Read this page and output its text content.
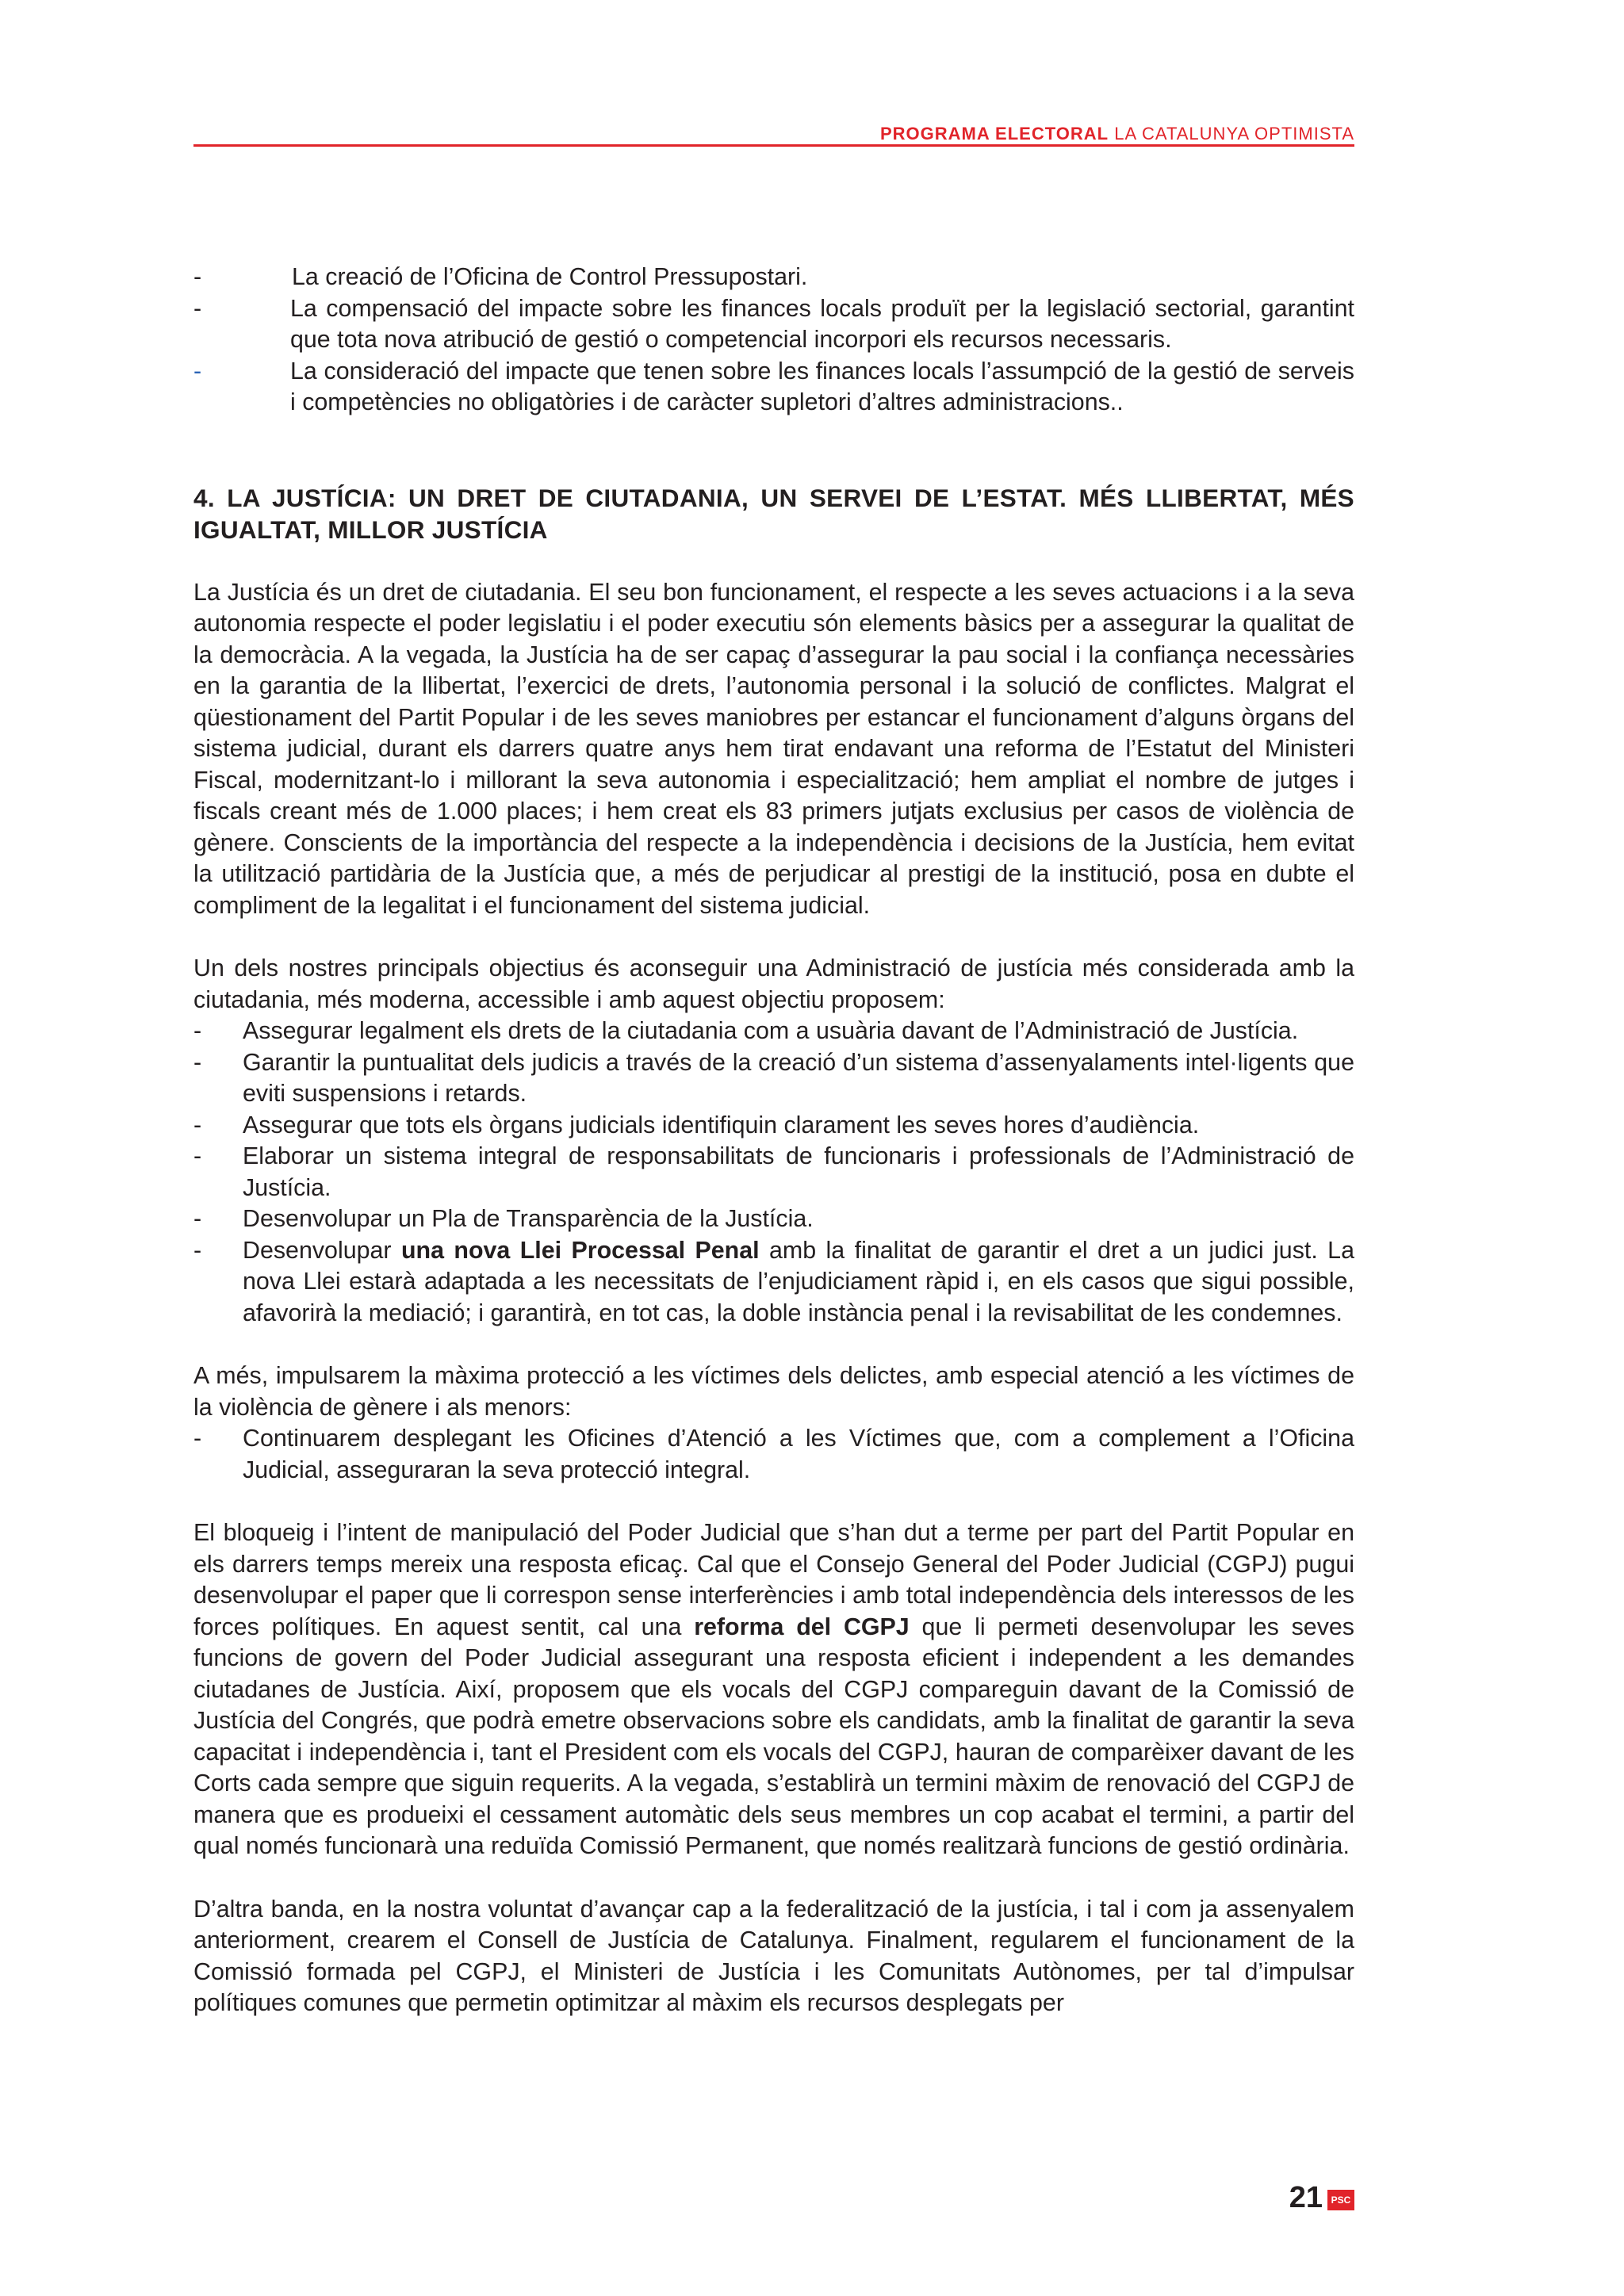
PROGRAMA ELECTORAL LA CATALUNYA OPTIMISTA
-	La creació de l’Oficina de Control Pressupostari.
-	La compensació del impacte sobre les finances locals produït per la legislació sectorial, garantint que tota nova atribució de gestió o competencial incorpori els recursos necessaris.
-	La consideració del impacte que tenen sobre les finances locals l’assumpció de la gestió de serveis i competències no obligatòries i de caràcter supletori d’altres administracions..
4. LA JUSTÍCIA: UN DRET DE CIUTADANIA, UN SERVEI DE L’ESTAT. MÉS LLIBERTAT, MÉS IGUALTAT, MILLOR JUSTÍCIA

La Justícia és un dret de ciutadania. El seu bon funcionament, el respecte a les seves actuacions i a la seva autonomia respecte el poder legislatiu i el poder executiu són elements bàsics per a assegurar la qualitat de la democràcia. A la vegada, la Justícia ha de ser capaç d’assegurar la pau social i la confiança necessàries en la garantia de la llibertat, l’exercici de drets, l’autonomia personal i la solució de conflictes. Malgrat el qüestionament del Partit Popular i de les seves maniobres per estancar el funcionament d’alguns òrgans del sistema judicial, durant els darrers quatre anys hem tirat endavant una reforma de l’Estatut del Ministeri Fiscal, modernitzant-lo i millorant la seva autonomia i especialització; hem ampliat el nombre de jutges i fiscals creant més de 1.000 places; i hem creat els 83 primers jutjats exclusius per casos de violència de gènere. Conscients de la importància del respecte a la independència i decisions de la Justícia, hem evitat la utilització partidària de la Justícia que, a més de perjudicar al prestigi de la institució, posa en dubte el compliment de la legalitat i el funcionament del sistema judicial.

Un dels nostres principals objectius és aconseguir una Administració de justícia més considerada amb la ciutadania, més moderna, accessible i amb aquest objectiu proposem:

- Assegurar legalment els drets de la ciutadania com a usuària davant de l’Administració de Justícia.
- Garantir la puntualitat dels judicis a través de la creació d’un sistema d’assenyalaments intel·ligents que eviti suspensions i retards.
- Assegurar que tots els òrgans judicials identifiquin clarament les seves hores d’audiència.
- Elaborar un sistema integral de responsabilitats de funcionaris i professionals de l’Administració de Justícia.
- Desenvolupar un Pla de Transparència de la Justícia.
- Desenvolupar una nova Llei Processal Penal amb la finalitat de garantir el dret a un judici just. La nova Llei estarà adaptada a les necessitats de l’enjudiciament ràpid i, en els casos que sigui possible, afavorirà la mediació; i garantirà, en tot cas, la doble instància penal i la revisabilitat de les condemnes.

A més, impulsarem la màxima protecció a les víctimes dels delictes, amb especial atenció a les víctimes de la violència de gènere i als menors:

- Continuarem desplegant les Oficines d’Atenció a les Víctimes que, com a complement a l’Oficina Judicial, asseguraran la seva protecció integral.

El bloqueig i l’intent de manipulació del Poder Judicial que s’han dut a terme per part del Partit Popular en els darrers temps mereix una resposta eficaç. Cal que el Consejo General del Poder Judicial (CGPJ) pugui desenvolupar el paper que li correspon sense interferències i amb total independència dels interessos de les forces polítiques. En aquest sentit, cal una reforma del CGPJ que li permeti desenvolupar les seves funcions de govern del Poder Judicial assegurant una resposta eficient i independent a les demandes ciutadanes de Justícia. Així, proposem que els vocals del CGPJ compareguin davant de la Comissió de Justícia del Congrés, que podrà emetre observacions sobre els candidats, amb la finalitat de garantir la seva capacitat i independència i, tant el President com els vocals del CGPJ, hauran de comparèixer davant de les Corts cada sempre que siguin requerits. A la vegada, s’establirà un termini màxim de renovació del CGPJ de manera que es produeixi el cessament automàtic dels seus membres un cop acabat el termini, a partir del qual només funcionarà una reduïda Comissió Permanent, que només realitzarà funcions de gestió ordinària.

D’altra banda, en la nostra voluntat d’avançar cap a la federalització de la justícia, i tal i com ja assenyalem anteriorment, crearem el Consell de Justícia de Catalunya. Finalment, regularem el funcionament de la Comissió formada pel CGPJ, el Ministeri de Justícia i les Comunitats Autònomes, per tal d’impulsar polítiques comunes que permetin optimitzar al màxim els recursos desplegats per

21 PSC
